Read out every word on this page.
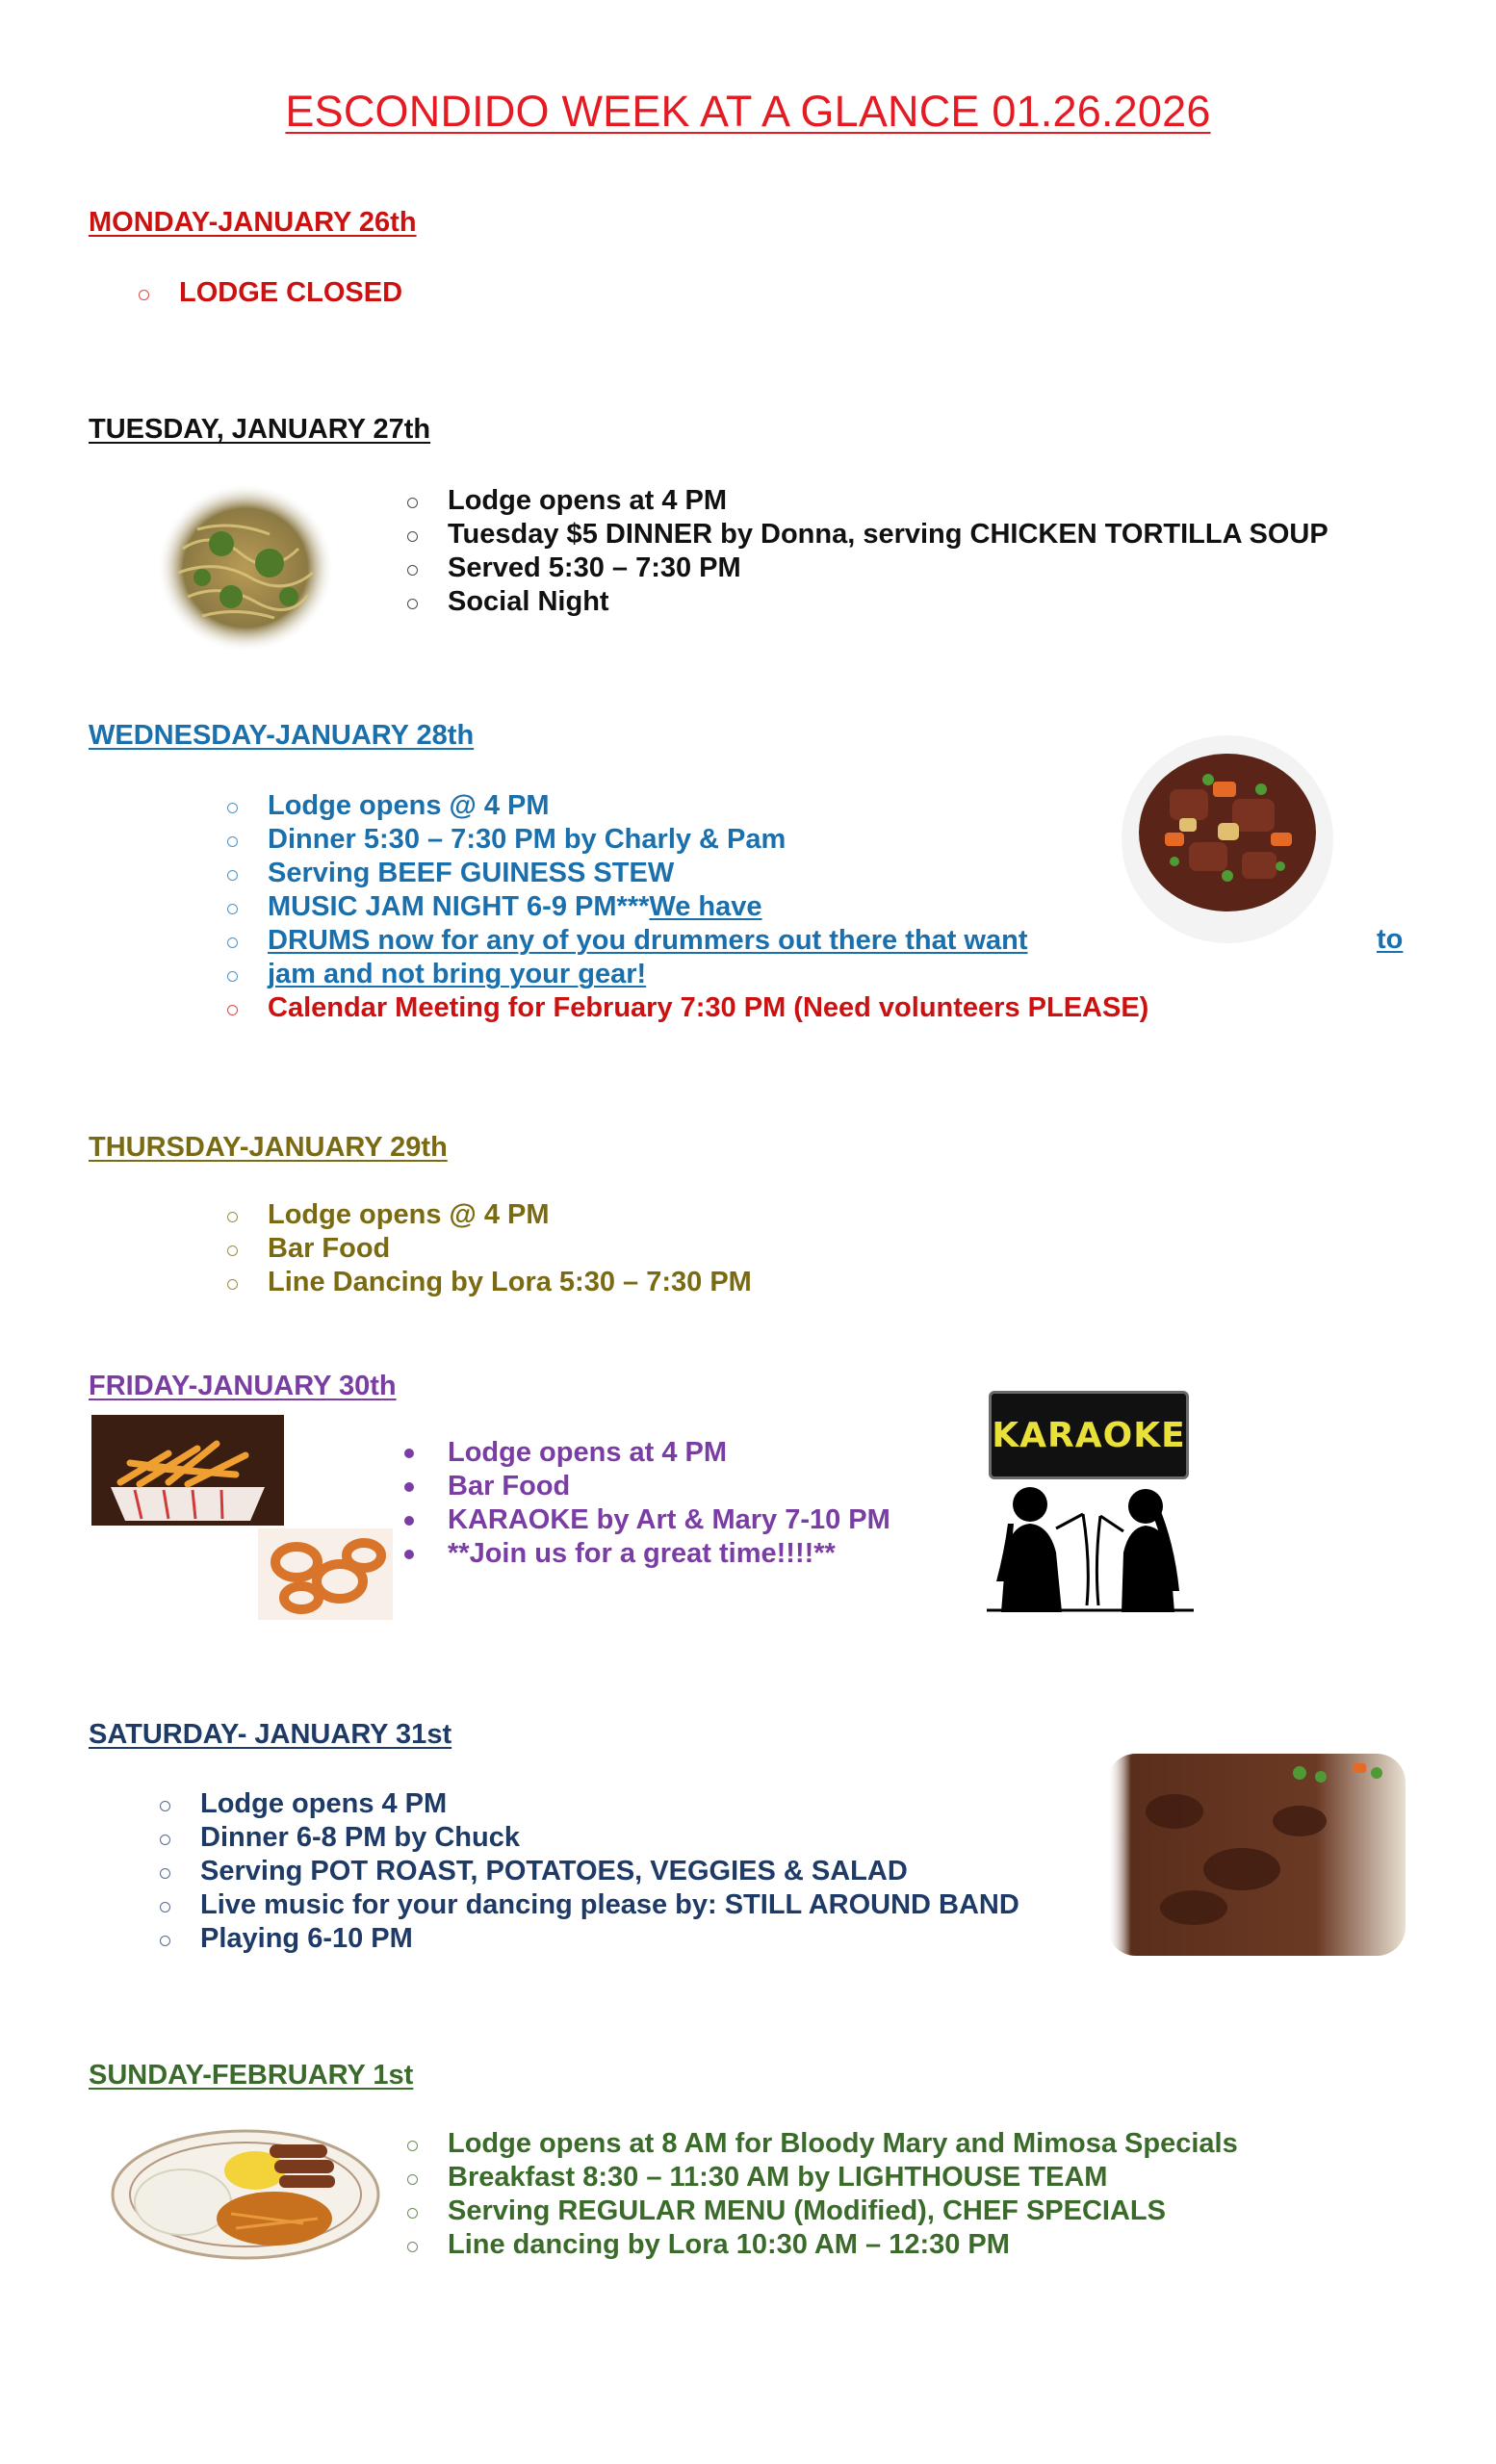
ESCONDIDO WEEK AT A GLANCE 01.26.2026
MONDAY-JANUARY 26th
LODGE CLOSED
TUESDAY, JANUARY 27th
Lodge opens at 4 PM
Tuesday $5 DINNER by Donna, serving CHICKEN TORTILLA SOUP
Served 5:30 – 7:30 PM
Social Night
WEDNESDAY-JANUARY 28th
Lodge opens @ 4 PM
Dinner 5:30 – 7:30 PM by Charly & Pam
Serving BEEF GUINESS STEW
MUSIC JAM NIGHT 6-9 PM***We have
DRUMS now for any of you drummers out there that want
jam and not bring your gear!
Calendar Meeting for February 7:30 PM (Need volunteers PLEASE)
to
THURSDAY-JANUARY 29th
Lodge opens @ 4 PM
Bar Food
Line Dancing by Lora 5:30 – 7:30 PM
FRIDAY-JANUARY 30th
Lodge opens at 4 PM
Bar Food
KARAOKE by Art & Mary 7-10 PM
**Join us for a great time!!!!**
KARAOKE
SATURDAY- JANUARY 31st
Lodge opens 4 PM
Dinner 6-8 PM by Chuck
Serving POT ROAST, POTATOES, VEGGIES & SALAD
Live music for your dancing please by: STILL AROUND BAND
Playing 6-10 PM
SUNDAY-FEBRUARY 1st
Lodge opens at 8 AM for Bloody Mary and Mimosa Specials
Breakfast 8:30 – 11:30 AM by LIGHTHOUSE TEAM
Serving REGULAR MENU (Modified), CHEF SPECIALS
Line dancing by Lora 10:30 AM – 12:30 PM
